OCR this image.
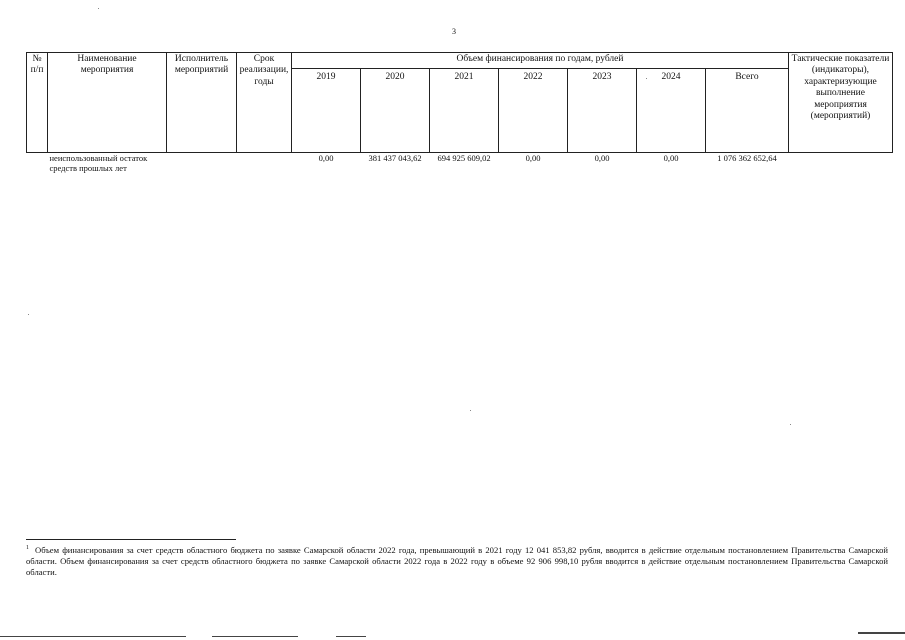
3
№ п/п	Наименование мероприятия	Исполнитель мероприятий	Срок реализации, годы	Объем финансирования по годам, рублей							Тактические показатели (индикаторы), характеризующие выполнение мероприятия (мероприятий)
				2019	2020	2021	2022	2023	2024	Всего	
	неиспользованный остаток средств прошлых лет			0,00	381 437 043,62	694 925 609,02	0,00	0,00	0,00	1 076 362 652,64	
$^1$ Объем финансирования за счет средств областного бюджета по заявке Самарской области 2022 года, превышающий в 2021 году 12 041 853,82 рубля, вводится в действие отдельным постановлением Правительства Самарской области. Объем финансирования за счет средств областного бюджета по заявке Самарской области 2022 года в 2022 году в объеме 92 906 998,10 рубля вводится в действие отдельным постановлением Правительства Самарской области.
